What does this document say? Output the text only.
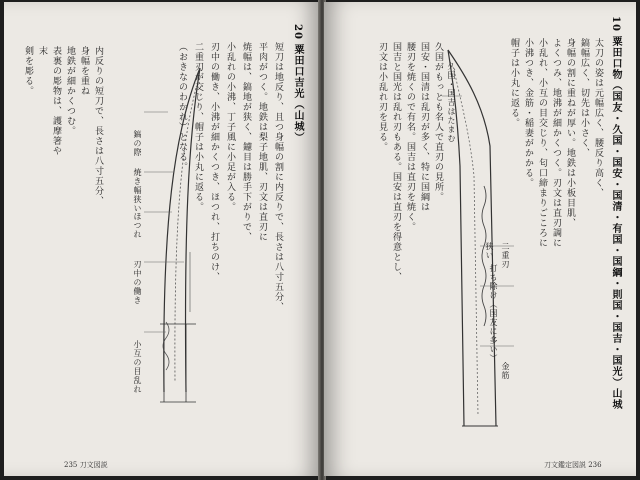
20 粟田口吉光（山城）
短刀は地反り、且つ身幅の割に内反りで、長さは八寸五分、
平肉がつく。地鉄は梨子地肌、刃文は直刃に
焼幅は、鎬地が狭く、鑢目は勝手下がりで、
小乱れの小沸、丁子風に小足が入る。
刃中の働き、小沸が細かくつき、ほつれ、打ちのけ、
二重刃が交じり、帽子は小丸に返る。
（おきなのわかれ）となる。
内反りの短刀で、長さは八寸五分、
身幅を重ね
地鉄が細かくつむ。
表裏の彫物は、護摩箸や
末
剣を彫る。
鎬の際
焼き幅狭い
ほつれ
刃中の働き
小互の目乱れ
235 刀文図説
10 粟田口物（国友・久国・国安・国清・有国・国綱・則国・国吉・国光）山城
太刀の姿は元幅広く、腰反り高く、
鎬幅広く、切先は小さく、
身幅の割に重ねが厚い。地鉄は小板目肌、
よくつみ、地沸が細かくつく。刃文は直刃調に
小乱れ、小互の目交じり、匂口締まりごころに
小沸つき、金筋・稲妻がかかる。
帽子は小丸に返る。
久国がもっとも名人で直刃の見所。
国安・国清は乱刃が多く、特に国綱は
腰刃を焼くので有名。国吉は直刃を焼く。
国吉と国光は乱れ刃もある。国安は直刃を得意とし、
刃文は小乱れ刃を見る。	久国・国吉はたまむ
二重刃
狭い
打ち除け（国友に多い）
金筋
刀文鑑定図説 236
